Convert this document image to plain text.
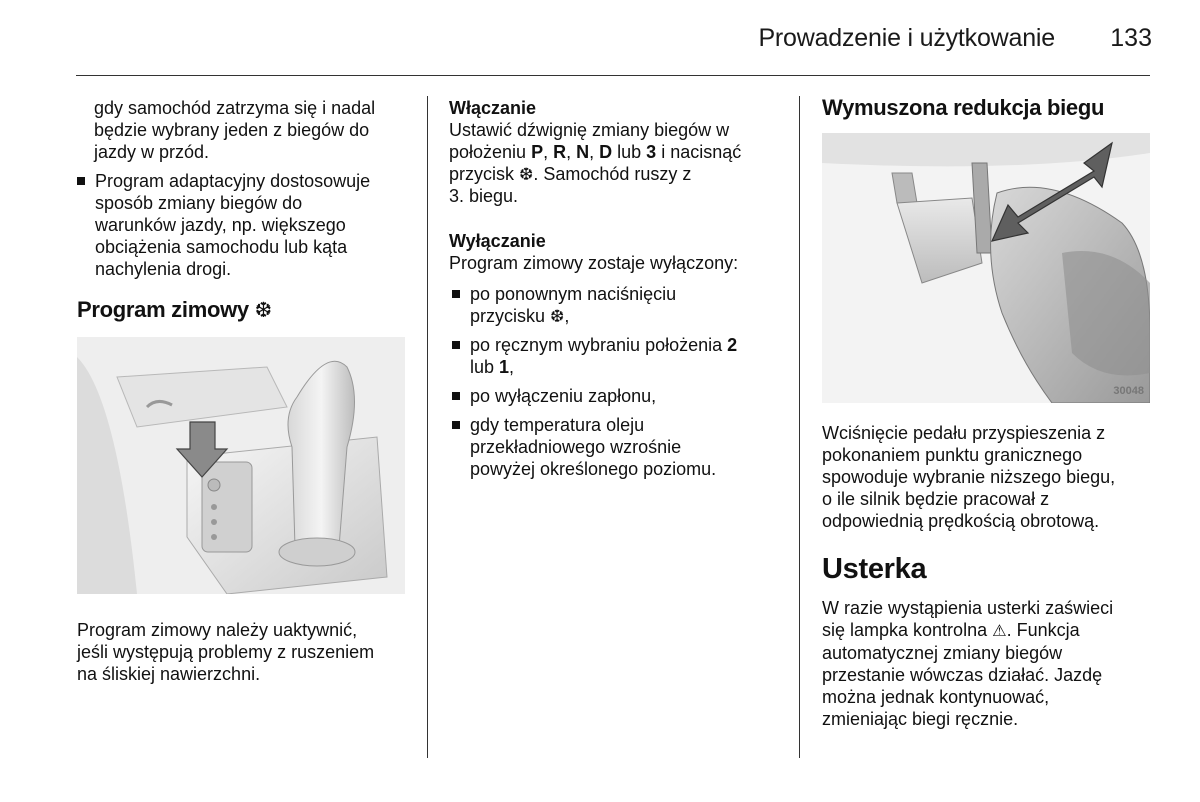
Prowadzenie i użytkowanie 133

gdy samochód zatrzyma się i nadal

będzie wybrany jeden z biegów do

jazdy w przód.

Program adaptacyjny dostosowuje

sposób zmiany biegów do

warunków jazdy, np. większego

obciążenia samochodu lub kąta

nachylenia drogi.

Program zimowy ❆

Program zimowy należy uaktywnić,

jeśli występują problemy z ruszeniem

na śliskiej nawierzchni.

Włączanie

Ustawić dźwignię zmiany biegów w

położeniu P, R, N, D lub 3 i nacisnąć

przycisk ❆. Samochód ruszy z

3. biegu.

Wyłączanie

Program zimowy zostaje wyłączony:

po ponownym naciśnięciu

przycisku ❆,

po ręcznym wybraniu położenia 2

lub 1,

po wyłączeniu zapłonu,

gdy temperatura oleju

przekładniowego wzrośnie

powyżej określonego poziomu.

Wymuszona redukcja biegu
30048

Wciśnięcie pedału przyspieszenia z

pokonaniem punktu granicznego

spowoduje wybranie niższego biegu,

o ile silnik będzie pracował z

odpowiednią prędkością obrotową.

Usterka

W razie wystąpienia usterki zaświeci

się lampka kontrolna ⚠. Funkcja

automatycznej zmiany biegów

przestanie wówczas działać. Jazdę

można jednak kontynuować,

zmieniając biegi ręcznie.
